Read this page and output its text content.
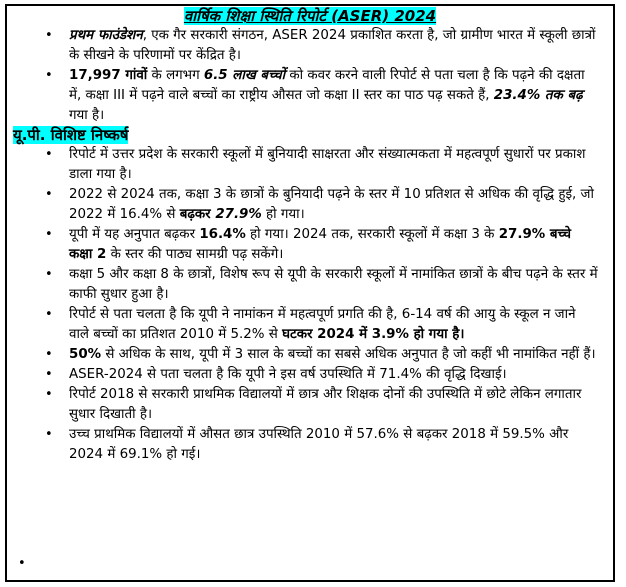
वार्षिक शिक्षा स्थिति रिपोर्ट (ASER) 2024
• प्रथम फाउंडेशन, एक गैर सरकारी संगठन, ASER 2024 प्रकाशित करता है, जो ग्रामीण भारत में स्कूली छात्रों के सीखने के परिणामों पर केंद्रित है।
• 17,997 गांवों के लगभग 6.5 लाख बच्चों को कवर करने वाली रिपोर्ट से पता चला है कि पढ़ने की दक्षता में, कक्षा III में पढ़ने वाले बच्चों का राष्ट्रीय औसत जो कक्षा II स्तर का पाठ पढ़ सकते हैं, 23.4% तक बढ़ गया है।
यू.पी. विशिष्ट निष्कर्ष
• रिपोर्ट में उत्तर प्रदेश के सरकारी स्कूलों में बुनियादी साक्षरता और संख्यात्मकता में महत्वपूर्ण सुधारों पर प्रकाश डाला गया है।
• 2022 से 2024 तक, कक्षा 3 के छात्रों के बुनियादी पढ़ने के स्तर में 10 प्रतिशत से अधिक की वृद्धि हुई, जो 2022 में 16.4% से बढ़कर 27.9% हो गया।
• यूपी में यह अनुपात बढ़कर 16.4% हो गया। 2024 तक, सरकारी स्कूलों में कक्षा 3 के 27.9% बच्चे कक्षा 2 के स्तर की पाठ्य सामग्री पढ़ सकेंगे।
• कक्षा 5 और कक्षा 8 के छात्रों, विशेष रूप से यूपी के सरकारी स्कूलों में नामांकित छात्रों के बीच पढ़ने के स्तर में काफी सुधार हुआ है।
• रिपोर्ट से पता चलता है कि यूपी ने नामांकन में महत्वपूर्ण प्रगति की है, 6-14 वर्ष की आयु के स्कूल न जाने वाले बच्चों का प्रतिशत 2010 में 5.2% से घटकर 2024 में 3.9% हो गया है।
• 50% से अधिक के साथ, यूपी में 3 साल के बच्चों का सबसे अधिक अनुपात है जो कहीं भी नामांकित नहीं हैं।
• ASER-2024 से पता चलता है कि यूपी ने इस वर्ष उपस्थिति में 71.4% की वृद्धि दिखाई।
• रिपोर्ट 2018 से सरकारी प्राथमिक विद्यालयों में छात्र और शिक्षक दोनों की उपस्थिति में छोटे लेकिन लगातार सुधार दिखाती है।
• उच्च प्राथमिक विद्यालयों में औसत छात्र उपस्थिति 2010 में 57.6% से बढ़कर 2018 में 59.5% और 2024 में 69.1% हो गई।
•
